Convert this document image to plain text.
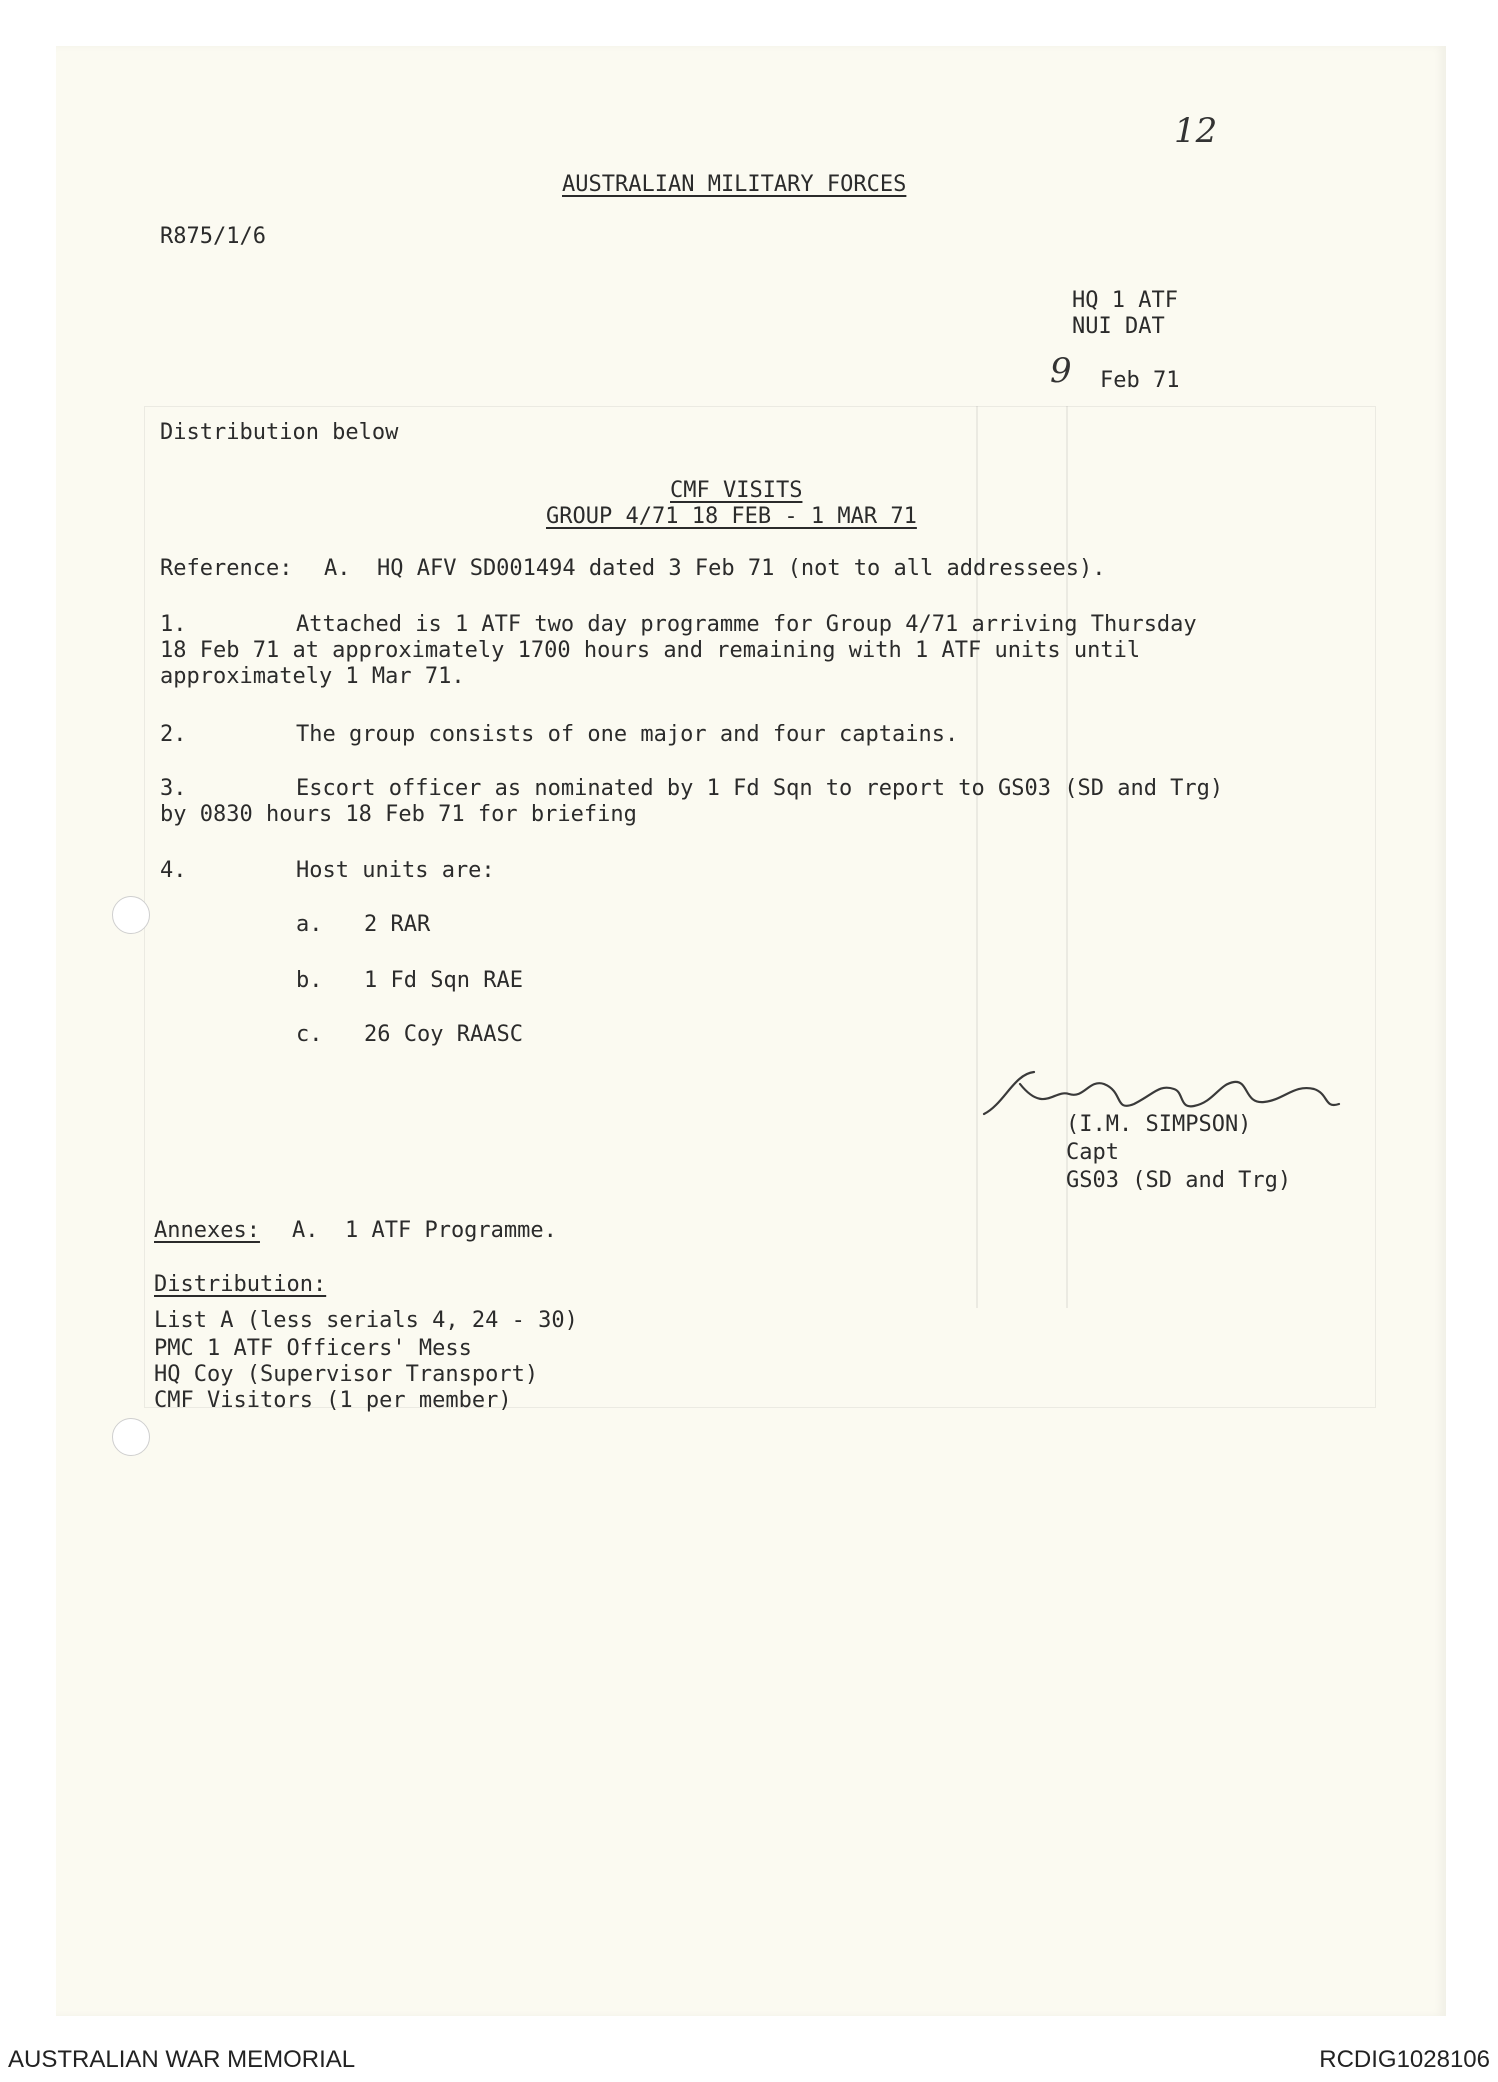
12
AUSTRALIAN MILITARY FORCES
R875/1/6
HQ 1 ATF
NUI DAT
9 Feb 71
Distribution below
CMF VISITS
GROUP 4/71 18 FEB - 1 MAR 71
Reference: A.  HQ AFV SD001494 dated 3 Feb 71 (not to all addressees).
1.	Attached is 1 ATF two day programme for Group 4/71 arriving Thursday
18 Feb 71 at approximately 1700 hours and remaining with 1 ATF units until
approximately 1 Mar 71.
2.	The group consists of one major and four captains.
3.	Escort officer as nominated by 1 Fd Sqn to report to GS03 (SD and Trg)
by 0830 hours 18 Feb 71 for briefing
4.	Host units are:
a. 2 RAR
b. 1 Fd Sqn RAE
c. 26 Coy RAASC
(I.M. SIMPSON)
Capt
GS03 (SD and Trg)
Annexes: A.  1 ATF Programme.
Distribution:
List A (less serials 4, 24 - 30)
PMC 1 ATF Officers' Mess
HQ Coy (Supervisor Transport)
CMF Visitors (1 per member)
AUSTRALIAN WAR MEMORIAL	RCDIG1028106
